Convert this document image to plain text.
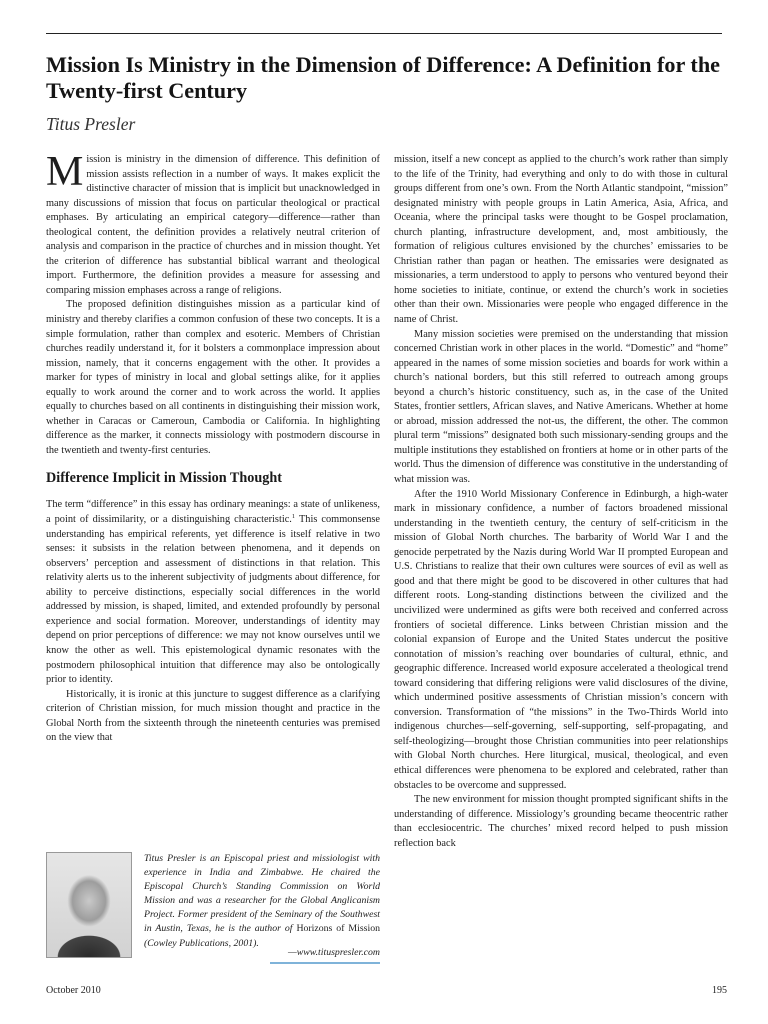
Mission Is Ministry in the Dimension of Difference: A Definition for the Twenty-first Century
Titus Presler

Mission is ministry in the dimension of difference. This definition of mission assists reflection in a number of ways. It makes explicit the distinctive character of mission that is implicit but unacknowledged in many discussions of mission that focus on particular theological or practical emphases. By articulating an empirical category—difference—rather than theological content, the definition provides a relatively neutral criterion of analysis and comparison in the practice of churches and in mission thought. Yet the criterion of difference has substantial biblical warrant and theological import. Furthermore, the definition provides a measure for assessing and comparing mission emphases across a range of religions.

The proposed definition distinguishes mission as a particular kind of ministry and thereby clarifies a common confusion of these two concepts. It is a simple formulation, rather than complex and esoteric. Members of Christian churches readily understand it, for it bolsters a commonplace impression about mission, namely, that it concerns engagement with the other. It provides a marker for types of ministry in local and global settings alike, for it applies equally to work around the corner and to work across the world. It applies equally to churches based on all continents in distinguishing their mission work, whether in Caracas or Cameroun, Cambodia or California. In highlighting difference as the marker, it connects missiology with postmodern discourse in the twentieth and twenty-first centuries.

Difference Implicit in Mission Thought

The term “difference” in this essay has ordinary meanings: a state of unlikeness, a point of dissimilarity, or a distinguishing characteristic.$^1$ This commonsense understanding has empirical referents, yet difference is itself relative in two senses: it subsists in the relation between phenomena, and it depends on observers’ perception and assessment of distinctions in that relation. This relativity alerts us to the inherent subjectivity of judgments about difference, for ability to perceive distinctions, especially social differences in the world addressed by mission, is shaped, limited, and extended profoundly by personal experience and social formation. Moreover, understandings of identity may depend on prior perceptions of difference: we may not know ourselves until we know the other as well. This epistemological dynamic resonates with the postmodern philosophical intuition that difference may also be ontologically prior to identity.

Historically, it is ironic at this juncture to suggest difference as a clarifying criterion of Christian mission, for much mission thought and practice in the Global North from the sixteenth through the nineteenth centuries was premised on the view that

mission, itself a new concept as applied to the church’s work rather than simply to the life of the Trinity, had everything and only to do with those in cultural groups different from one’s own. From the North Atlantic standpoint, “mission” designated ministry with people groups in Latin America, Asia, Africa, and Oceania, where the principal tasks were thought to be Gospel proclamation, church planting, infrastructure development, and, most ambitiously, the formation of religious cultures envisioned by the churches’ emissaries to be Christian rather than pagan or heathen. The emissaries were designated as missionaries, a term understood to apply to persons who ventured beyond their home societies to initiate, continue, or extend the church’s work in societies other than their own. Missionaries were people who engaged difference in the name of Christ.

Many mission societies were premised on the understanding that mission concerned Christian work in other places in the world. “Domestic” and “home” appeared in the names of some mission societies and boards for work within a church’s national borders, but this still referred to outreach among groups beyond a church’s historic constituency, such as, in the case of the United States, frontier settlers, African slaves, and Native Americans. Whether at home or abroad, mission addressed the not-us, the different, the other. The common plural term “missions” designated both such missionary-sending groups and the multiple institutions they established on frontiers at home or in other parts of the world. Thus the dimension of difference was constitutive in the understanding of what mission was.

After the 1910 World Missionary Conference in Edinburgh, a high-water mark in missionary confidence, a number of factors broadened missional understanding in the twentieth century, the century of self-criticism in the mission of Global North churches. The barbarity of World War I and the genocide perpetrated by the Nazis during World War II prompted European and U.S. Christians to realize that their own cultures were sources of evil as well as good and that there might be good to be discovered in other cultures that had different roots. Long-standing distinctions between the civilized and the uncivilized were undermined as gifts were both received and conferred across frontiers of societal difference. Links between Christian mission and the colonial expansion of Europe and the United States undercut the positive connotation of mission’s reaching over boundaries of cultural, ethnic, and geographic difference. Increased world exposure accelerated a theological trend toward considering that differing religions were valid disclosures of the divine, which undermined positive assessments of Christian mission’s concern with conversion. Transformation of “the missions” in the Two-Thirds World into indigenous churches—self-governing, self-supporting, self-propagating, and self-theologizing—brought those Christian communities into peer relationships with Global North churches. Here liturgical, musical, theological, and even ethical differences were phenomena to be explored and celebrated, rather than obstacles to be overcome and suppressed.

The new environment for mission thought prompted significant shifts in the understanding of difference. Missiology’s grounding became theocentric rather than ecclesiocentric. The churches’ mixed record helped to push mission reflection back

Titus Presler is an Episcopal priest and missiologist with experience in India and Zimbabwe. He chaired the Episcopal Church’s Standing Commission on World Mission and was a researcher for the Global Anglicanism Project. Former president of the Seminary of the Southwest in Austin, Texas, he is the author of Horizons of Mission (Cowley Publications, 2001).

—www.tituspresler.com
October 2010	195
